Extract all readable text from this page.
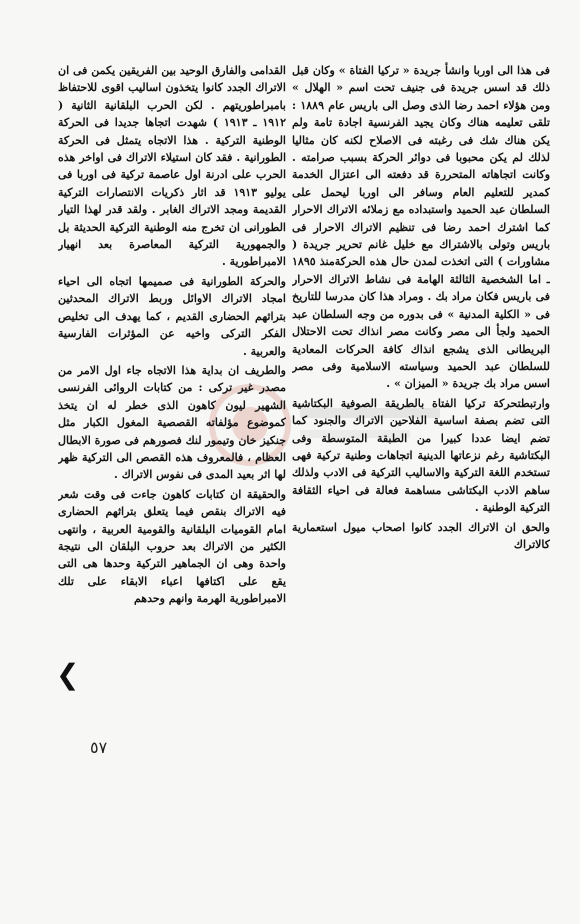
فى هذا الى اوربا وانشأ جريدة « تركيا الفتاة » وكان قبل ذلك قد اسس جريدة فى جنيف تحت اسم « الهلال » ومن هؤلاء احمد رضا الذى وصل الى باريس عام ١٨٨٩ : تلقى تعليمه هناك وكان يجيد الفرنسية اجادة تامة ولم يكن هناك شك فى رغبته فى الاصلاح لكنه كان مثاليا لذلك لم يكن محبوبا فى دوائر الحركة بسبب صرامته . وكانت اتجاهاته المتحررة قد دفعته الى اعتزال الخدمة كمدير للتعليم العام وسافر الى اوربا ليحمل على السلطان عبد الحميد واستبداده مع زملائه الاتراك الاحرار كما اشترك احمد رضا فى تنظيم الاتراك الاحرار فى باريس وتولى بالاشتراك مع خليل غانم تحرير جريدة ( مشاورات ) التى اتخذت لمدن حال هذه الحركةمنذ ١٨٩٥ ـ اما الشخصية الثالثة الهامة فى نشاط الاتراك الاحرار فى باريس فكان مراد بك . ومراد هذا كان مدرسا للتاريخ فى « الكلية المدنية » فى بدوره من وجه السلطان عبد الحميد ولجأ الى مصر وكانت مصر انذاك تحت الاحتلال البريطانى الذى يشجع انذاك كافة الحركات المعادية للسلطان عبد الحميد وسياسته الاسلامية وفى مصر اسس مراد بك جريدة « الميزان » .

وارتبطتحركة تركيا الفتاة بالطريقة الصوفية البكتاشية التى تضم بصفة اساسية الفلاحين الاتراك والجنود كما تضم ايضا عددا كبيرا من الطبقة المتوسطة وفى البكتاشية رغم نزعاتها الدينية اتجاهات وطنية تركية فهى تستخدم اللغة التركية والاساليب التركية فى الادب ولذلك ساهم الادب البكتاشى مساهمة فعالة فى احياء الثقافة التركية الوطنية .

والحق ان الاتراك الجدد كانوا اصحاب ميول استعمارية كالاتراك

القدامى والفارق الوحيد بين الفريقين يكمن فى ان الاتراك الجدد كانوا يتخذون اساليب اقوى للاحتفاظ بامبراطوريتهم . لكن الحرب البلقانية الثانية ( ١٩١٢ ـ ١٩١٣ ) شهدت اتجاها جديدا فى الحركة الوطنية التركية . هذا الاتجاه يتمثل فى الحركة الطورانية . فقد كان استيلاء الاتراك فى اواخر هذه الحرب على ادرنة اول عاصمة تركية فى اوربا فى يوليو ١٩١٣ قد اثار ذكريات الانتصارات التركية القديمة ومجد الاتراك الغابر . ولقد قدر لهذا التيار الطورانى ان تخرج منه الوطنية التركية الحديثة بل والجمهورية التركية المعاصرة بعد انهيار الامبراطورية .

والحركة الطورانية فى صميمها اتجاه الى احياء امجاد الاتراك الاوائل وربط الاتراك المحدثين بتراثهم الحضارى القديم ، كما يهدف الى تخليص الفكر التركى واخيه عن المؤثرات الفارسية والعربية .

والطريف ان بداية هذا الاتجاه جاء اول الامر من مصدر غير تركى : من كتابات الروائى الفرنسى الشهير ليون كاهون الذى خطر له ان يتخذ كموضوع مؤلفاته القصصية المغول الكبار مثل جنكيز خان وتيمور لنك فصورهم فى صورة الابطال العظام ، فالمعروف هذه القصص الى التركية ظهر لها اثر بعيد المدى فى نفوس الاتراك .

والحقيقة ان كتابات كاهون جاءت فى وقت شعر فيه الاتراك بنقص فيما يتعلق بتراثهم الحضارى امام القوميات البلقانية والقومية العربية ، وانتهى الكثير من الاتراك بعد حروب البلقان الى نتيجة واحدة وهى ان الجماهير التركية وحدها هى التى يقع على اكتافها اعباء الابقاء على تلك الامبراطورية الهرمة وانهم وحدهم

❮
٥٧
